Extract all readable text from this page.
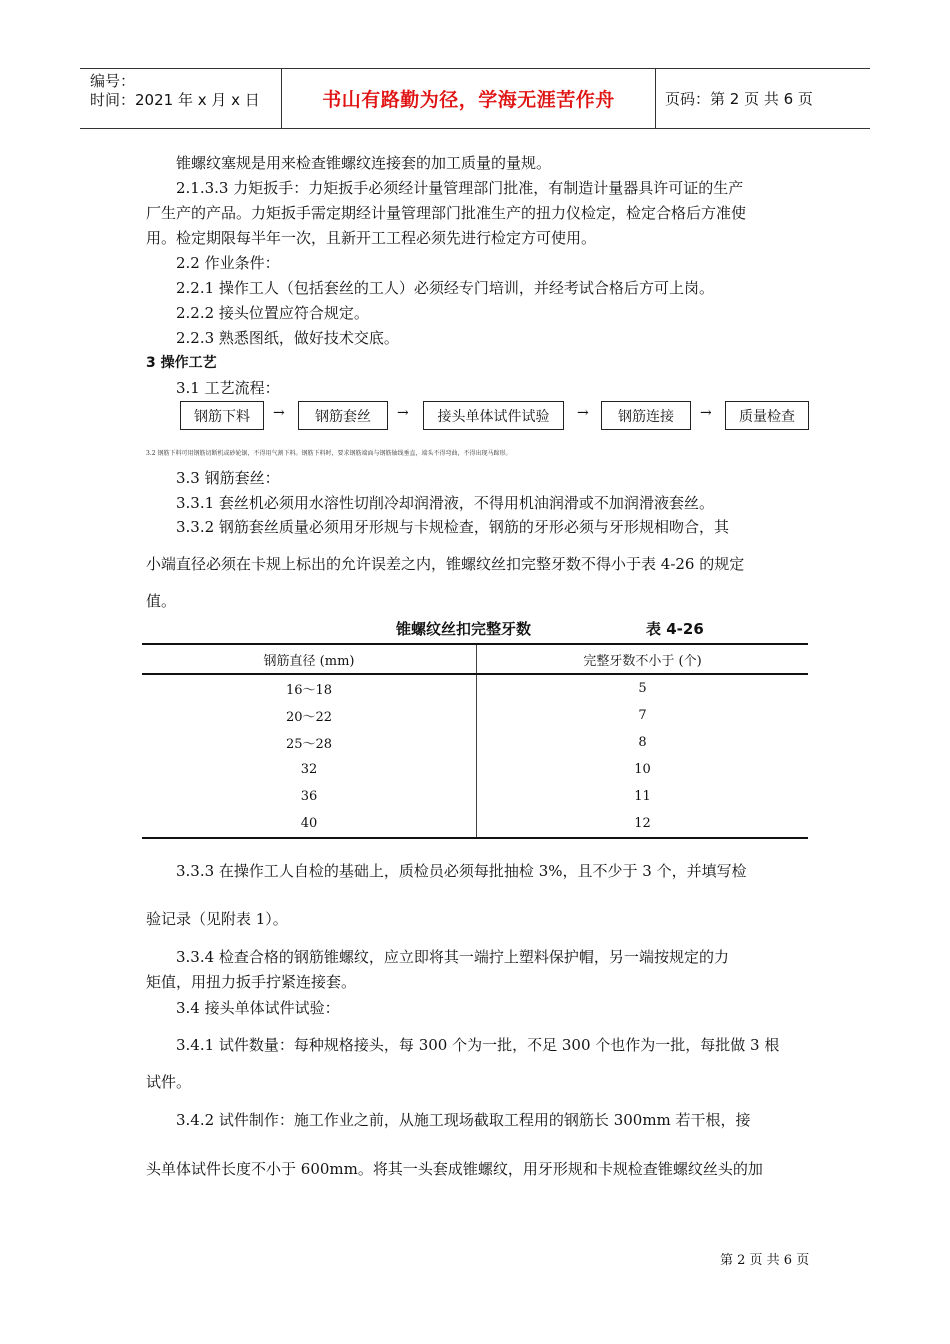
编号：
时间：2021 年 x 月 x 日	书山有路勤为径，学海无涯苦作舟	页码：第 2 页 共 6 页
锥螺纹塞规是用来检查锥螺纹连接套的加工质量的量规。
2.1.3.3 力矩扳手：力矩扳手必须经计量管理部门批准，有制造计量器具许可证的生产
厂生产的产品。力矩扳手需定期经计量管理部门批准生产的扭力仪检定，检定合格后方准使
用。检定期限每半年一次，且新开工工程必须先进行检定方可使用。
2.2 作业条件：
2.2.1 操作工人（包括套丝的工人）必须经专门培训，并经考试合格后方可上岗。
2.2.2 接头位置应符合规定。
2.2.3 熟悉图纸，做好技术交底。
3 操作工艺
3.1 工艺流程：
钢筋下料	→	钢筋套丝	→	接头单体试件试验	→	钢筋连接	→	质量检查
3.2 钢筋下料可用钢筋切断机或砂轮锯，不得用气割下料。钢筋下料时，要求钢筋端面与钢筋轴线垂直，端头不得弯曲，不得出现马蹄形。
3.3 钢筋套丝：
3.3.1 套丝机必须用水溶性切削冷却润滑液，不得用机油润滑或不加润滑液套丝。
3.3.2 钢筋套丝质量必须用牙形规与卡规检查，钢筋的牙形必须与牙形规相吻合，其
小端直径必须在卡规上标出的允许误差之内，锥螺纹丝扣完整牙数不得小于表 4-26 的规定
值。
锥螺纹丝扣完整牙数	表 4-26
钢筋直径 (mm)	完整牙数不小于 (个)
16～18	5
20～22	7
25～28	8
32	10
36	11
40	12
3.3.3 在操作工人自检的基础上，质检员必须每批抽检 3%，且不少于 3 个，并填写检
验记录（见附表 1）。
3.3.4 检查合格的钢筋锥螺纹，应立即将其一端拧上塑料保护帽，另一端按规定的力
矩值，用扭力扳手拧紧连接套。
3.4 接头单体试件试验：
3.4.1 试件数量：每种规格接头，每 300 个为一批，不足 300 个也作为一批，每批做 3 根
试件。
3.4.2 试件制作：施工作业之前，从施工现场截取工程用的钢筋长 300mm 若干根，接
头单体试件长度不小于 600mm。将其一头套成锥螺纹，用牙形规和卡规检查锥螺纹丝头的加
第 2 页 共 6 页
